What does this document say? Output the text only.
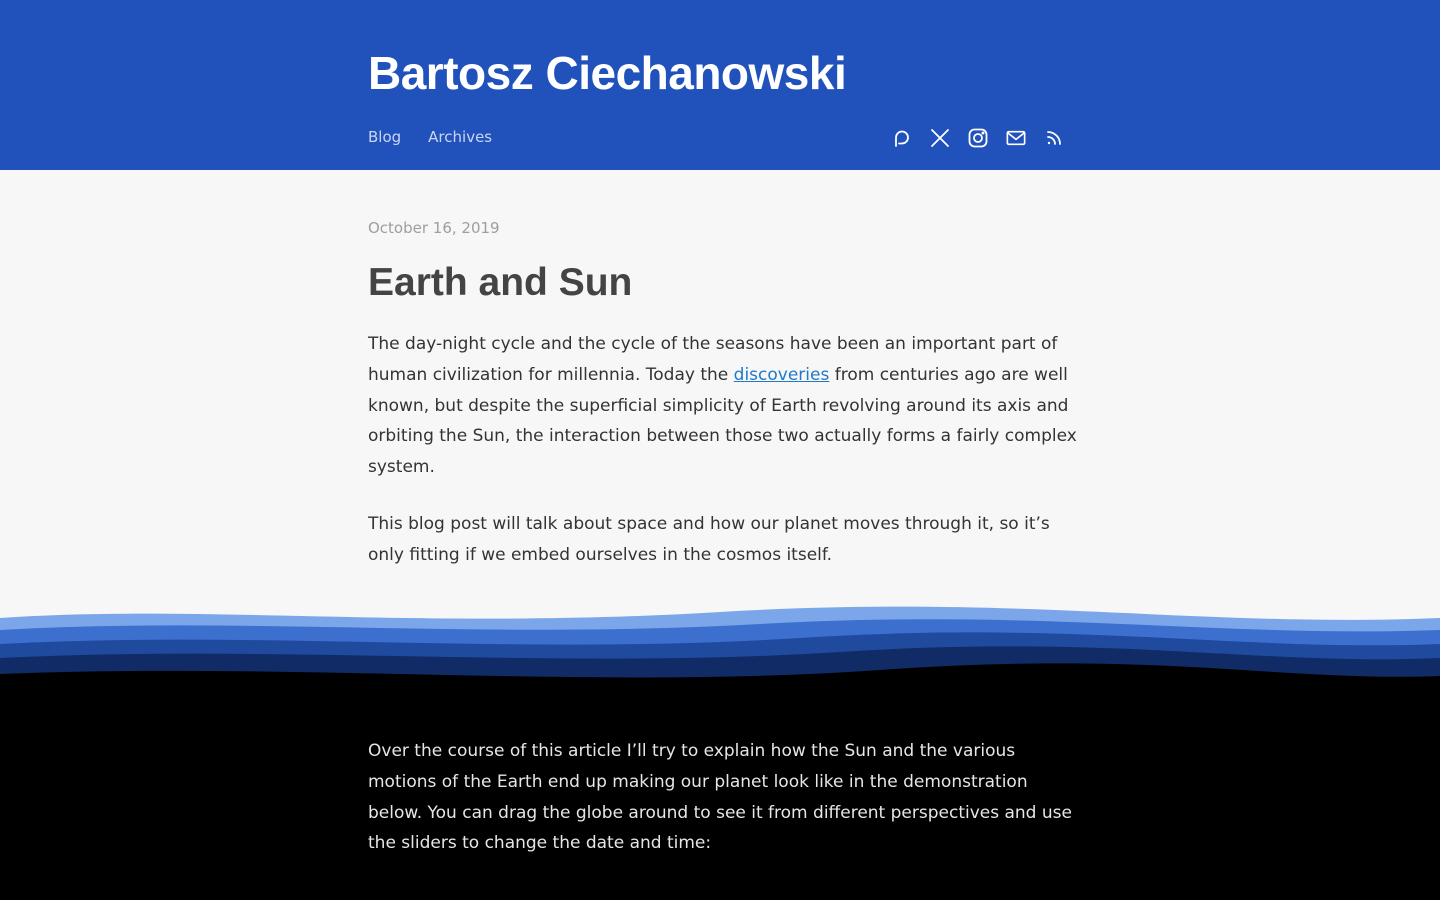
Bartosz Ciechanowski
Blog Archives
October 16, 2019
Earth and Sun

The day-night cycle and the cycle of the seasons have been an important part of human civilization for millennia. Today the discoveries from centuries ago are well known, but despite the superficial simplicity of Earth revolving around its axis and orbiting the Sun, the interaction between those two actually forms a fairly complex system.

This blog post will talk about space and how our planet moves through it, so it’s only fitting if we embed ourselves in the cosmos itself.

Over the course of this article I’ll try to explain how the Sun and the various motions of the Earth end up making our planet look like in the demonstration below. You can drag the globe around to see it from different perspectives and use the sliders to change the date and time:
